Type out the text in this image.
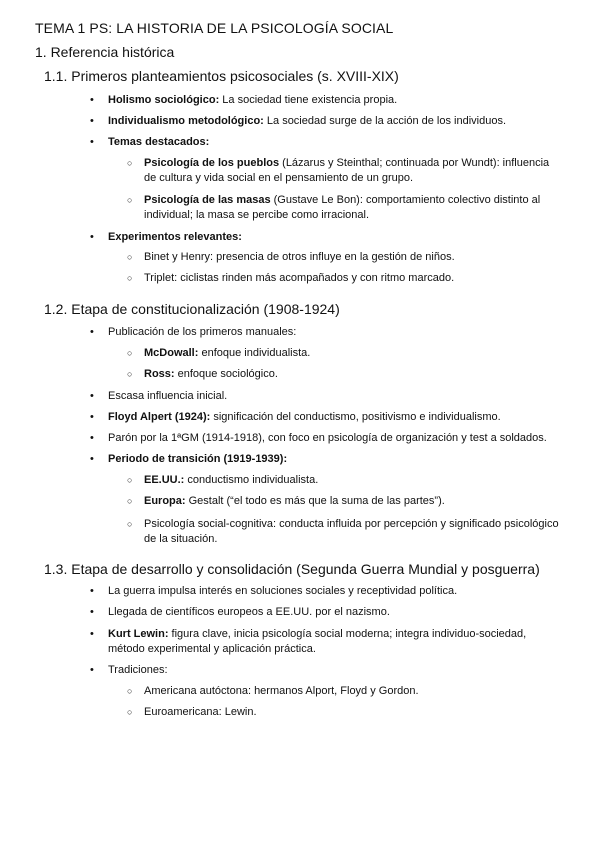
TEMA 1 PS: LA HISTORIA DE LA PSICOLOGÍA SOCIAL
1. Referencia histórica
1.1. Primeros planteamientos psicosociales (s. XVIII-XIX)
• Holismo sociológico: La sociedad tiene existencia propia.
• Individualismo metodológico: La sociedad surge de la acción de los individuos.
• Temas destacados:
○ Psicología de los pueblos (Lázarus y Steinthal; continuada por Wundt): influencia de cultura y vida social en el pensamiento de un grupo.
○ Psicología de las masas (Gustave Le Bon): comportamiento colectivo distinto al individual; la masa se percibe como irracional.
• Experimentos relevantes:
○ Binet y Henry: presencia de otros influye en la gestión de niños.
○ Triplet: ciclistas rinden más acompañados y con ritmo marcado.
1.2. Etapa de constitucionalización (1908-1924)
• Publicación de los primeros manuales:
○ McDowall: enfoque individualista.
○ Ross: enfoque sociológico.
• Escasa influencia inicial.
• Floyd Alpert (1924): significación del conductismo, positivismo e individualismo.
• Parón por la 1ªGM (1914-1918), con foco en psicología de organización y test a soldados.
• Periodo de transición (1919-1939):
○ EE.UU.: conductismo individualista.
○ Europa: Gestalt (“el todo es más que la suma de las partes”).
○ Psicología social-cognitiva: conducta influida por percepción y significado psicológico de la situación.
1.3. Etapa de desarrollo y consolidación (Segunda Guerra Mundial y posguerra)
• La guerra impulsa interés en soluciones sociales y receptividad política.
• Llegada de científicos europeos a EE.UU. por el nazismo.
• Kurt Lewin: figura clave, inicia psicología social moderna; integra individuo-sociedad, método experimental y aplicación práctica.
• Tradiciones:
○ Americana autóctona: hermanos Alport, Floyd y Gordon.
○ Euroamericana: Lewin.
